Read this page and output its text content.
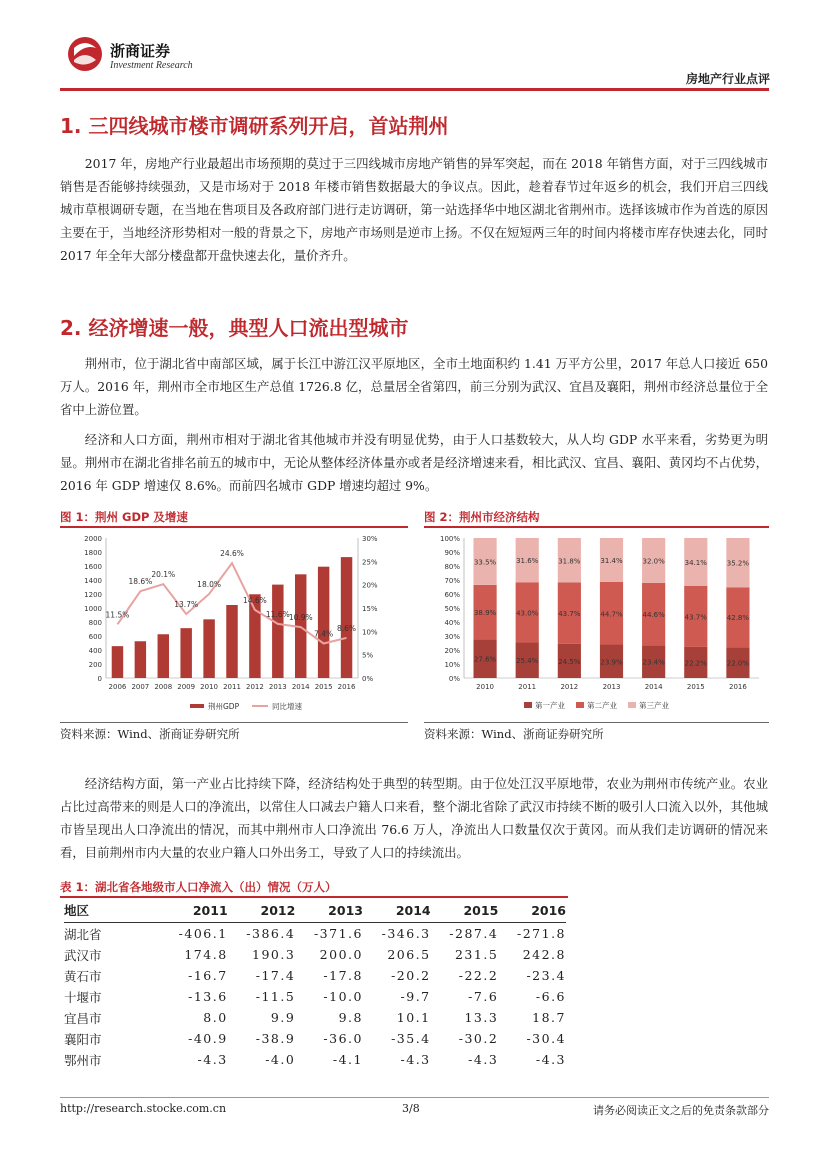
浙商证券
Investment Research
房地产行业点评
1. 三四线城市楼市调研系列开启，首站荆州

2017 年，房地产行业最超出市场预期的莫过于三四线城市房地产销售的异军突起，而在 2018 年销售方面，对于三四线城市销售是否能够持续强劲，又是市场对于 2018 年楼市销售数据最大的争议点。因此，趁着春节过年返乡的机会，我们开启三四线城市草根调研专题，在当地在售项目及各政府部门进行走访调研，第一站选择华中地区湖北省荆州市。选择该城市作为首选的原因主要在于，当地经济形势相对一般的背景之下，房地产市场则是逆市上扬。不仅在短短两三年的时间内将楼市库存快速去化，同时 2017 年全年大部分楼盘都开盘快速去化，量价齐升。

2. 经济增速一般，典型人口流出型城市

荆州市，位于湖北省中南部区域，属于长江中游江汉平原地区，全市土地面积约 1.41 万平方公里，2017 年总人口接近 650 万人。2016 年，荆州市全市地区生产总值 1726.8 亿，总量居全省第四，前三分别为武汉、宜昌及襄阳，荆州市经济总量位于全省中上游位置。

经济和人口方面，荆州市相对于湖北省其他城市并没有明显优势，由于人口基数较大，从人均 GDP 水平来看，劣势更为明显。荆州市在湖北省排名前五的城市中，无论从整体经济体量亦或者是经济增速来看，相比武汉、宜昌、襄阳、黄冈均不占优势，2016 年 GDP 增速仅 8.6%。而前四名城市 GDP 增速均超过 9%。

图 1：荆州 GDP 及增速
0
200
400
600
800
1000
1200
1400
1600
1800
2000
0%
5%
10%
15%
20%
25%
30%
2006 2007 2008 2009 2010 2011 2012 2013 2014 2015 2016
11.5%
18.6%
20.1%
13.7%
18.0%
24.6%
14.6%
11.6% 10.9%
7.4%
8.6%
荆州GDP	同比增速
资料来源：Wind、浙商证券研究所
图 2：荆州市经济结构
0%
10%
20%
30%
40%
50%
60%
70%
80%
90%
100%
27.6%
38.9%
33.5%
2010
25.4%
43.0%
31.6%
2011
24.5%
43.7%
31.8%
2012
23.9%
44.7%
31.4%
2013
23.4%
44.6%
32.0%
2014
22.2%
43.7%
34.1%
2015
22.0%
42.8%
35.2%
2016
第一产业	第二产业	第三产业
资料来源：Wind、浙商证券研究所

经济结构方面，第一产业占比持续下降，经济结构处于典型的转型期。由于位处江汉平原地带，农业为荆州市传统产业。农业占比过高带来的则是人口的净流出，以常住人口减去户籍人口来看，整个湖北省除了武汉市持续不断的吸引人口流入以外，其他城市皆呈现出人口净流出的情况，而其中荆州市人口净流出 76.6 万人，净流出人口数量仅次于黄冈。而从我们走访调研的情况来看，目前荆州市内大量的农业户籍人口外出务工，导致了人口的持续流出。

表 1：湖北省各地级市人口净流入（出）情况（万人）
地区	2011	2012	2013	2014	2015	2016
湖北省	-406.1	-386.4	-371.6	-346.3	-287.4	-271.8
武汉市	174.8	190.3	200.0	206.5	231.5	242.8
黄石市	-16.7	-17.4	-17.8	-20.2	-22.2	-23.4
十堰市	-13.6	-11.5	-10.0	-9.7	-7.6	-6.6
宜昌市	8.0	9.9	9.8	10.1	13.3	18.7
襄阳市	-40.9	-38.9	-36.0	-35.4	-30.2	-30.4
鄂州市	-4.3	-4.0	-4.1	-4.3	-4.3	-4.3
http://research.stocke.com.cn	3/8	请务必阅读正文之后的免责条款部分
